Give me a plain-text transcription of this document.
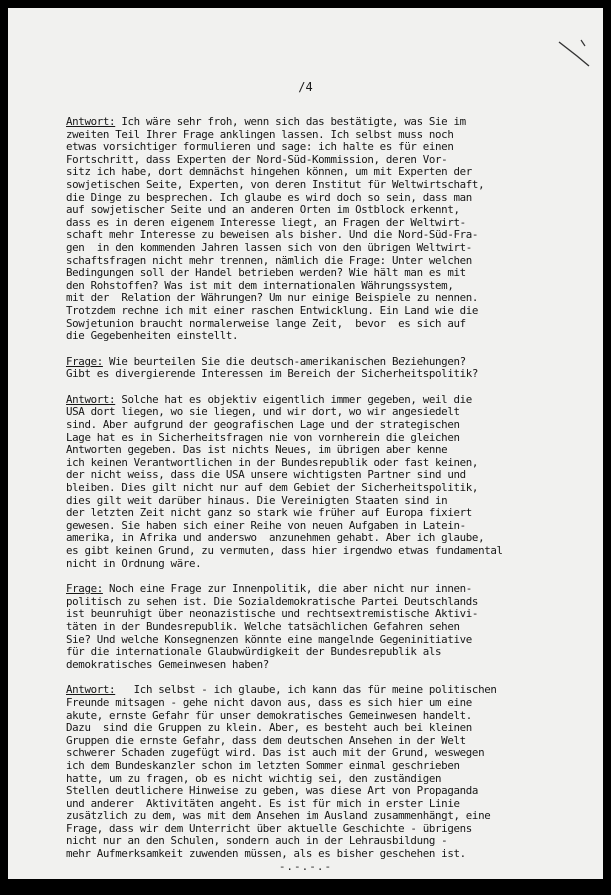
/4
Antwort: Ich wäre sehr froh, wenn sich das bestätigte, was Sie im
zweiten Teil Ihrer Frage anklingen lassen. Ich selbst muss noch
etwas vorsichtiger formulieren und sage: ich halte es für einen
Fortschritt, dass Experten der Nord-Süd-Kommission, deren Vor-
sitz ich habe, dort demnächst hingehen können, um mit Experten der
sowjetischen Seite, Experten, von deren Institut für Weltwirtschaft,
die Dinge zu besprechen. Ich glaube es wird doch so sein, dass man
auf sowjetischer Seite und an anderen Orten im Ostblock erkennt,
dass es in deren eigenem Interesse liegt, an Fragen der Weltwirt-
schaft mehr Interesse zu beweisen als bisher. Und die Nord-Süd-Fra-
gen  in den kommenden Jahren lassen sich von den übrigen Weltwirt-
schaftsfragen nicht mehr trennen, nämlich die Frage: Unter welchen
Bedingungen soll der Handel betrieben werden? Wie hält man es mit
den Rohstoffen? Was ist mit dem internationalen Währungssystem,
mit der  Relation der Währungen? Um nur einige Beispiele zu nennen.
Trotzdem rechne ich mit einer raschen Entwicklung. Ein Land wie die
Sowjetunion braucht normalerweise lange Zeit,  bevor  es sich auf
die Gegebenheiten einstellt.
Frage: Wie beurteilen Sie die deutsch-amerikanischen Beziehungen?
Gibt es divergierende Interessen im Bereich der Sicherheitspolitik?
Antwort: Solche hat es objektiv eigentlich immer gegeben, weil die
USA dort liegen, wo sie liegen, und wir dort, wo wir angesiedelt
sind. Aber aufgrund der geografischen Lage und der strategischen
Lage hat es in Sicherheitsfragen nie von vornherein die gleichen
Antworten gegeben. Das ist nichts Neues, im übrigen aber kenne
ich keinen Verantwortlichen in der Bundesrepublik oder fast keinen,
der nicht weiss, dass die USA unsere wichtigsten Partner sind und
bleiben. Dies gilt nicht nur auf dem Gebiet der Sicherheitspolitik,
dies gilt weit darüber hinaus. Die Vereinigten Staaten sind in
der letzten Zeit nicht ganz so stark wie früher auf Europa fixiert
gewesen. Sie haben sich einer Reihe von neuen Aufgaben in Latein-
amerika, in Afrika und anderswo  anzunehmen gehabt. Aber ich glaube,
es gibt keinen Grund, zu vermuten, dass hier irgendwo etwas fundamental
nicht in Ordnung wäre.
Frage: Noch eine Frage zur Innenpolitik, die aber nicht nur innen-
politisch zu sehen ist. Die Sozialdemokratische Partei Deutschlands
ist beunruhigt über neonazistische und rechtsextremistische Aktivi-
täten in der Bundesrepublik. Welche tatsächlichen Gefahren sehen
Sie? Und welche Konsegnenzen könnte eine mangelnde Gegeninitiative
für die internationale Glaubwürdigkeit der Bundesrepublik als
demokratisches Gemeinwesen haben?
Antwort:   Ich selbst - ich glaube, ich kann das für meine politischen
Freunde mitsagen - gehe nicht davon aus, dass es sich hier um eine
akute, ernste Gefahr für unser demokratisches Gemeinwesen handelt.
Dazu  sind die Gruppen zu klein. Aber, es besteht auch bei kleinen
Gruppen die ernste Gefahr, dass dem deutschen Ansehen in der Welt
schwerer Schaden zugefügt wird. Das ist auch mit der Grund, weswegen
ich dem Bundeskanzler schon im letzten Sommer einmal geschrieben
hatte, um zu fragen, ob es nicht wichtig sei, den zuständigen
Stellen deutlichere Hinweise zu geben, was diese Art von Propaganda
und anderer  Aktivitäten angeht. Es ist für mich in erster Linie
zusätzlich zu dem, was mit dem Ansehen im Ausland zusammenhängt, eine
Frage, dass wir dem Unterricht über aktuelle Geschichte - übrigens
nicht nur an den Schulen, sondern auch in der Lehrausbildung -
mehr Aufmerksamkeit zuwenden müssen, als es bisher geschehen ist.
-.-.-.-
